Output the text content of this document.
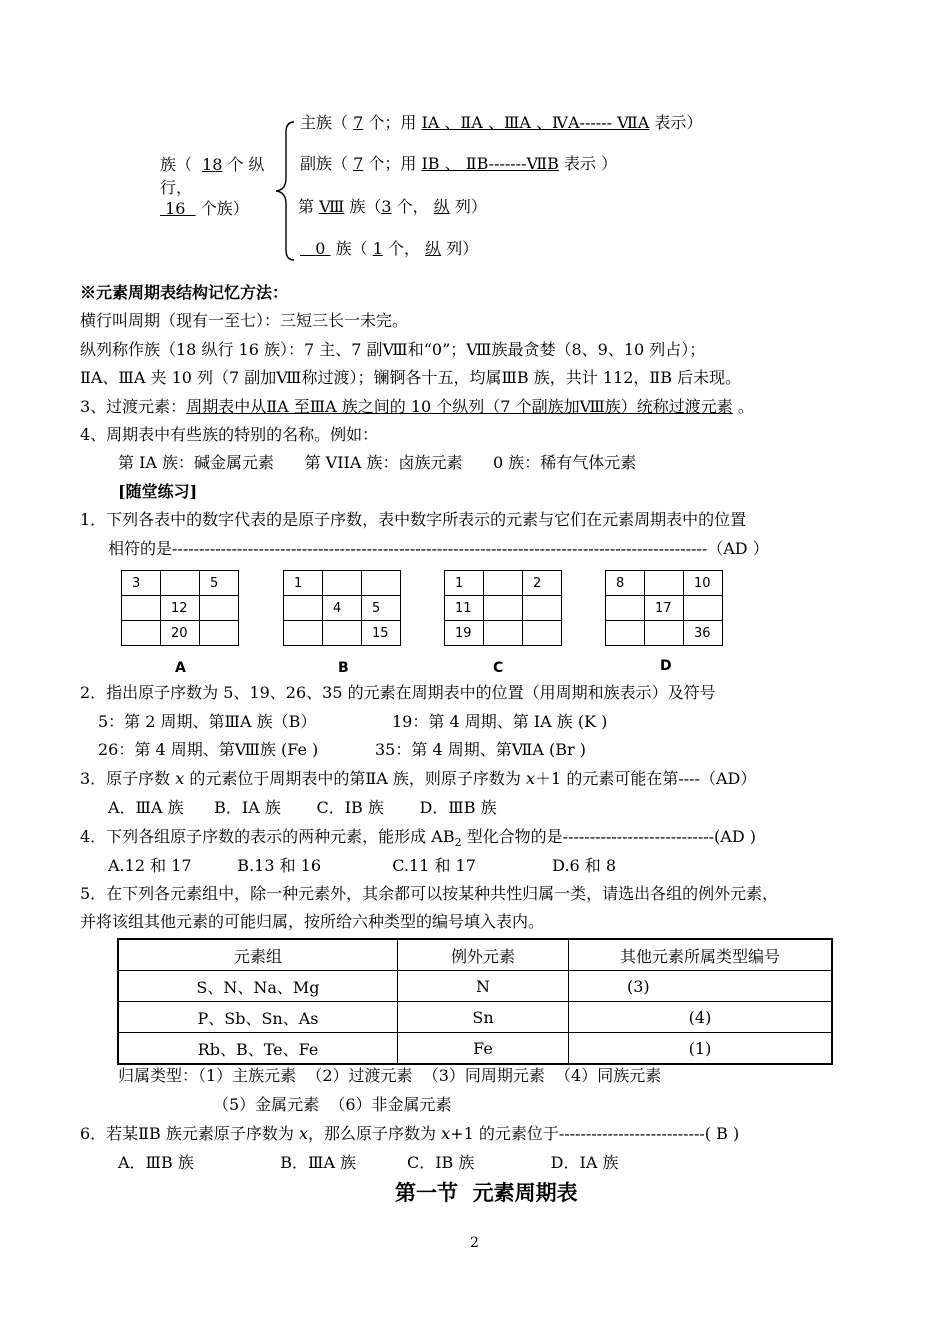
族（ 18 个 纵
行，
16   个族）
主族（ 7 个；用 IA 、ⅡA 、ⅢA 、ⅣA------ ⅦA 表示）
副族（ 7 个；用 IB 、 ⅡB-------ⅦB 表示 ）
第 Ⅷ 族（3 个， 纵 列）
0  族（ 1 个， 纵 列）
※元素周期表结构记忆方法：
横行叫周期（现有一至七）：三短三长一未完。
纵列称作族（18 纵行 16 族）：7 主、7 副Ⅷ和“0”；Ⅷ族最贪婪（8、9、10 列占）；
ⅡA、ⅢA 夹 10 列（7 副加Ⅷ称过渡）；镧锕各十五，均属ⅢB 族，共计 112，ⅡB 后未现。
3、过渡元素：周期表中从ⅡA 至ⅢA 族之间的 10 个纵列（7 个副族加Ⅷ族）统称过渡元素 。
4、周期表中有些族的特别的名称。例如：
第 IA 族：碱金属元素      第 VIIA 族：卤族元素      0 族：稀有气体元素
[随堂练习]
1．下列各表中的数字代表的是原子序数，表中数字所表示的元素与它们在元素周期表中的位置
相符的是---------------------------------------------------------------------------------------------------（AD ）
3		5
	12	
	20	
A
1		
	4	5
		15
B
1		2
11		
19		
C
8		10
	17	
		36
D
2．指出原子序数为 5、19、26、35 的元素在周期表中的位置（用周期和族表示）及符号
5：第 2 周期、第ⅢA 族（B）	19：第 4 周期、第 IA 族 (K )
26：第 4 周期、第Ⅷ族 (Fe )	35：第 4 周期、第ⅦA (Br )
3．原子序数 x 的元素位于周期表中的第ⅡA 族，则原子序数为 x＋1 的元素可能在第----（AD）
A．ⅢA 族      B．ⅠA 族       C．ⅠB 族       D．ⅢB 族
4．下列各组原子序数的表示的两种元素，能形成 $AB_2$ 型化合物的是----------------------------(AD )
A.12 和 17         B.13 和 16              C.11 和 17               D.6 和 8
5．在下列各元素组中，除一种元素外，其余都可以按某种共性归属一类，请选出各组的例外元素，
并将该组其他元素的可能归属，按所给六种类型的编号填入表内。
元素组	例外元素	其他元素所属类型编号
S、N、Na、Mg	N	(3)
P、Sb、Sn、As	Sn	(4)
Rb、B、Te、Fe	Fe	(1)
归属类型：（1）主族元素  （2）过渡元素  （3）同周期元素  （4）同族元素
（5）金属元素  （6）非金属元素
6．若某ⅡB 族元素原子序数为 x，那么原子序数为 x+1 的元素位于---------------------------( B )
A．ⅢB 族                 B．ⅢA 族          C．ⅠB 族               D．ⅠA 族
第一节  元素周期表
2
